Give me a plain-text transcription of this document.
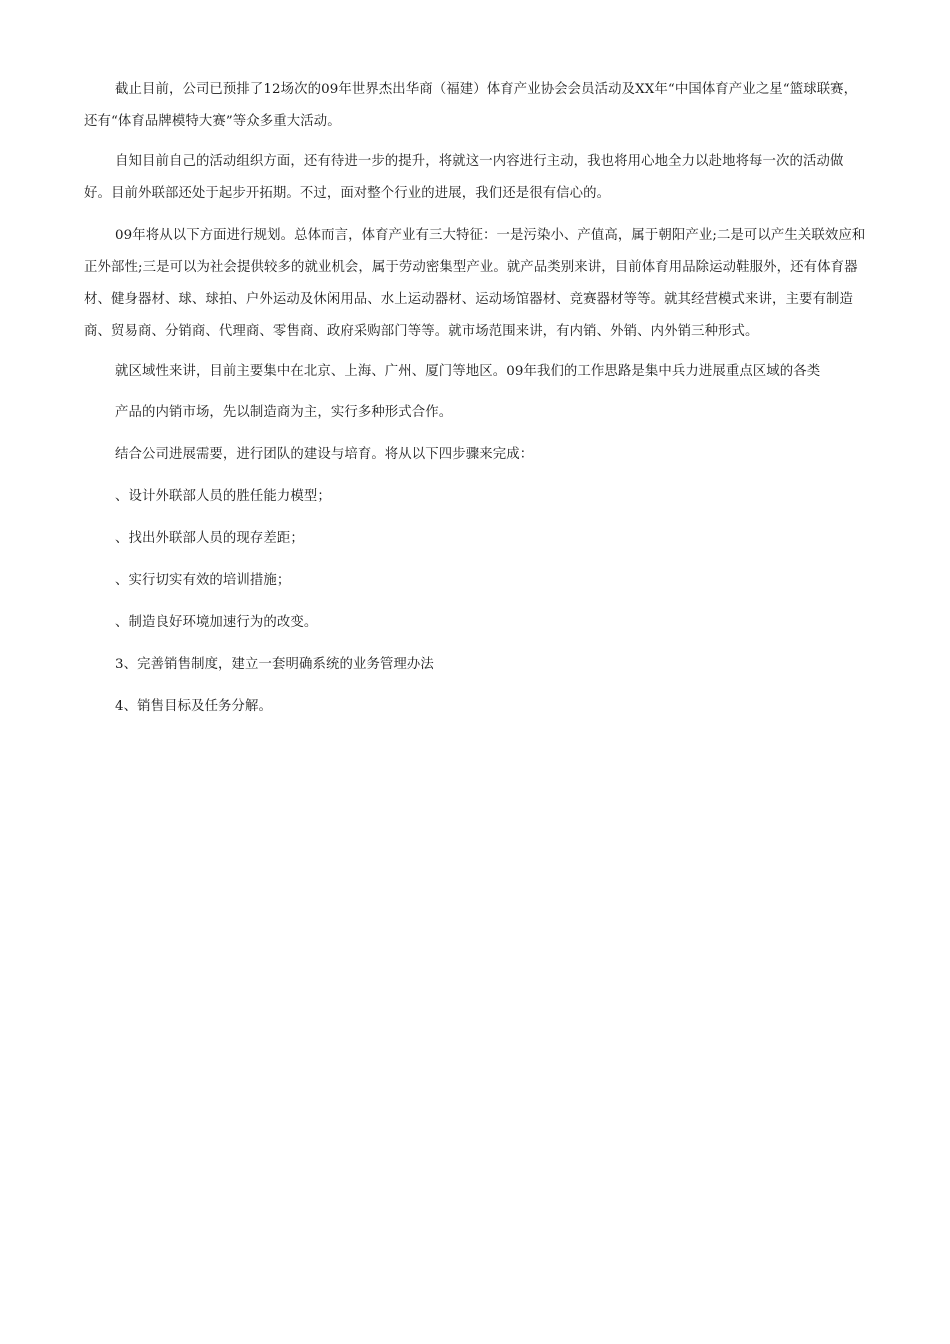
截止目前，公司已预排了12场次的09年世界杰出华商（福建）体育产业协会会员活动及XX年“中国体育产业之星“篮球联赛，还有“体育品牌模特大赛”等众多重大活动。

自知目前自己的活动组织方面，还有待进一步的提升，将就这一内容进行主动，我也将用心地全力以赴地将每一次的活动做好。目前外联部还处于起步开拓期。不过，面对整个行业的进展，我们还是很有信心的。

09年将从以下方面进行规划。总体而言，体育产业有三大特征：一是污染小、产值高，属于朝阳产业;二是可以产生关联效应和正外部性;三是可以为社会提供较多的就业机会，属于劳动密集型产业。就产品类别来讲，目前体育用品除运动鞋服外，还有体育器材、健身器材、球、球拍、户外运动及休闲用品、水上运动器材、运动场馆器材、竞赛器材等等。就其经营模式来讲，主要有制造商、贸易商、分销商、代理商、零售商、政府采购部门等等。就市场范围来讲，有内销、外销、内外销三种形式。

就区域性来讲，目前主要集中在北京、上海、广州、厦门等地区。09年我们的工作思路是集中兵力进展重点区域的各类

产品的内销市场，先以制造商为主，实行多种形式合作。

结合公司进展需要，进行团队的建设与培育。将从以下四步骤来完成：

、设计外联部人员的胜任能力模型；

、找出外联部人员的现存差距；

、实行切实有效的培训措施；

、制造良好环境加速行为的改变。

3、完善销售制度，建立一套明确系统的业务管理办法

4、销售目标及任务分解。
